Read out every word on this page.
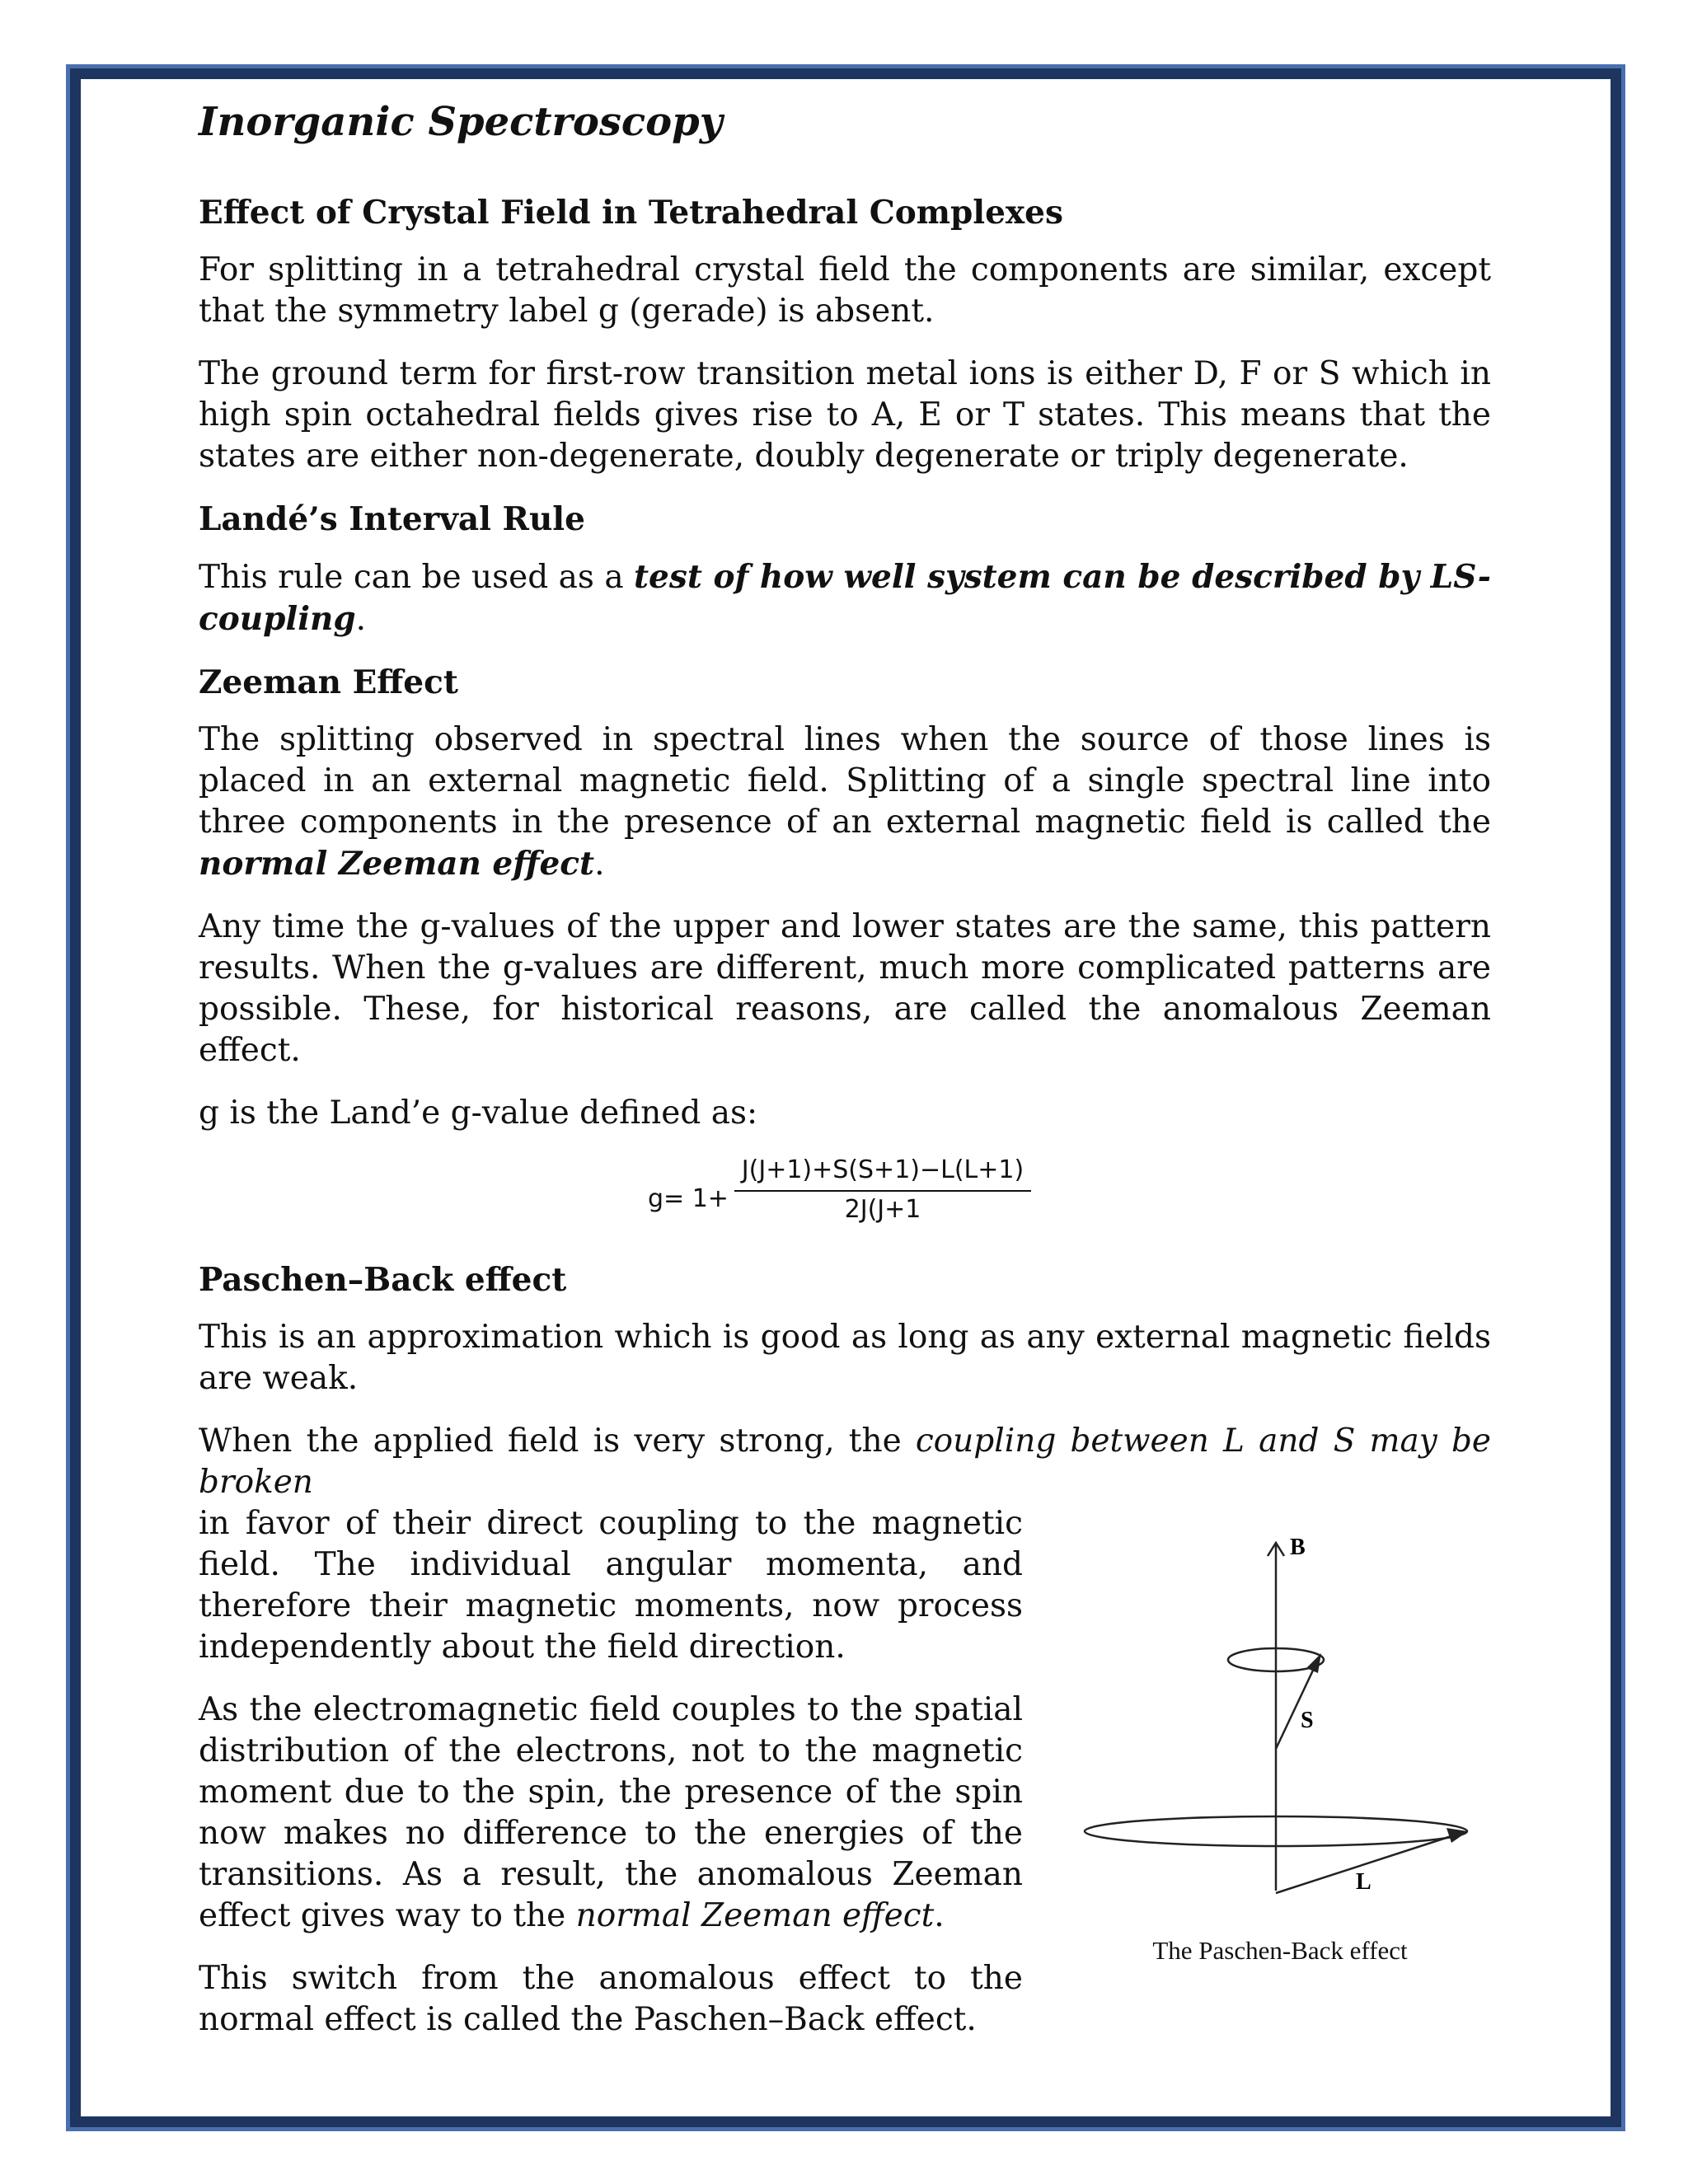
Inorganic Spectroscopy
Effect of Crystal Field in Tetrahedral Complexes

For splitting in a tetrahedral crystal field the components are similar, except that the symmetry label g (gerade) is absent.

The ground term for first-row transition metal ions is either D, F or S which in high spin octahedral fields gives rise to A, E or T states. This means that the states are either non-degenerate, doubly degenerate or triply degenerate.

Landé’s Interval Rule

This rule can be used as a test of how well system can be described by LS-coupling.

Zeeman Effect

The splitting observed in spectral lines when the source of those lines is placed in an external magnetic field. Splitting of a single spectral line into three components in the presence of an external magnetic field is called the normal Zeeman effect.

Any time the g-values of the upper and lower states are the same, this pattern results. When the g-values are different, much more complicated patterns are possible. These, for historical reasons, are called the anomalous Zeeman effect.

g is the Land’e g-value defined as:

$g= 1+ \frac{J(J+1)+S(S+1)-L(L+1)}{2J(J+1}$
Paschen–Back effect

This is an approximation which is good as long as any external magnetic fields are weak.

When the applied field is very strong, the coupling between L and S may be broken

in favor of their direct coupling to the magnetic field. The individual angular momenta, and therefore their magnetic moments, now process independently about the field direction.

As the electromagnetic field couples to the spatial distribution of the electrons, not to the magnetic moment due to the spin, the presence of the spin now makes no difference to the energies of the transitions. As a result, the anomalous Zeeman effect gives way to the normal Zeeman effect.

This switch from the anomalous effect to the normal effect is called the Paschen–Back effect.

B
S
L
The Paschen-Back effect
